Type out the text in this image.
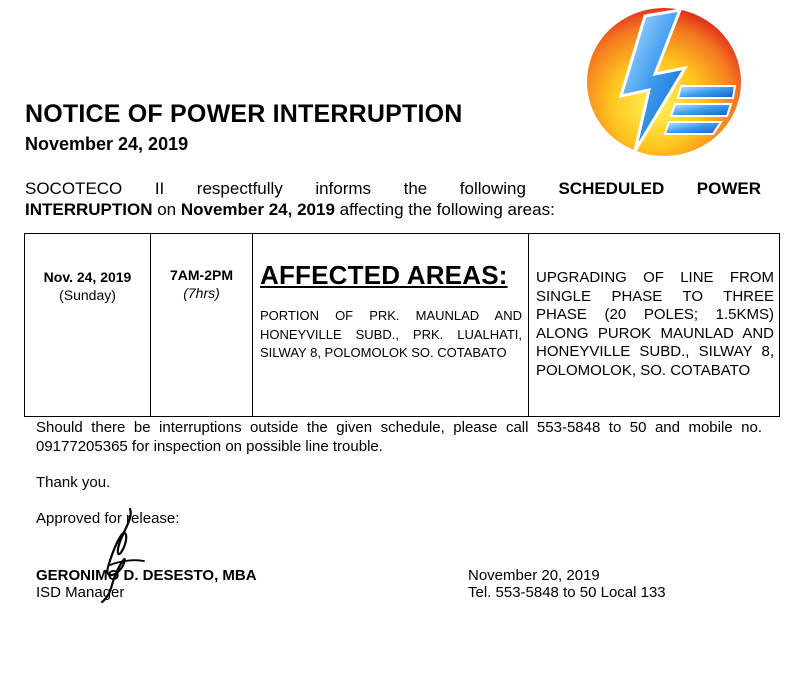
NOTICE OF POWER INTERRUPTION
November 24, 2019
SOCOTECO II respectfully informs the following SCHEDULED POWER
INTERRUPTION on November 24, 2019 affecting the following areas:
Nov. 24, 2019
(Sunday)
7AM-2PM
(7hrs)
AFFECTED AREAS:
PORTION OF PRK. MAUNLAD AND HONEYVILLE SUBD., PRK. LUALHATI, SILWAY 8, POLOMOLOK SO. COTABATO
UPGRADING OF LINE FROM SINGLE PHASE TO THREE PHASE (20 POLES; 1.5KMS) ALONG PUROK MAUNLAD AND HONEYVILLE SUBD., SILWAY 8, POLOMOLOK, SO. COTABATO
Should there be interruptions outside the given schedule, please call 553-5848 to 50 and mobile no. 09177205365 for inspection on possible line trouble.
Thank you.
Approved for release:
GERONIMO D. DESESTO, MBA
ISD Manager
November 20, 2019
Tel. 553-5848 to 50 Local 133
